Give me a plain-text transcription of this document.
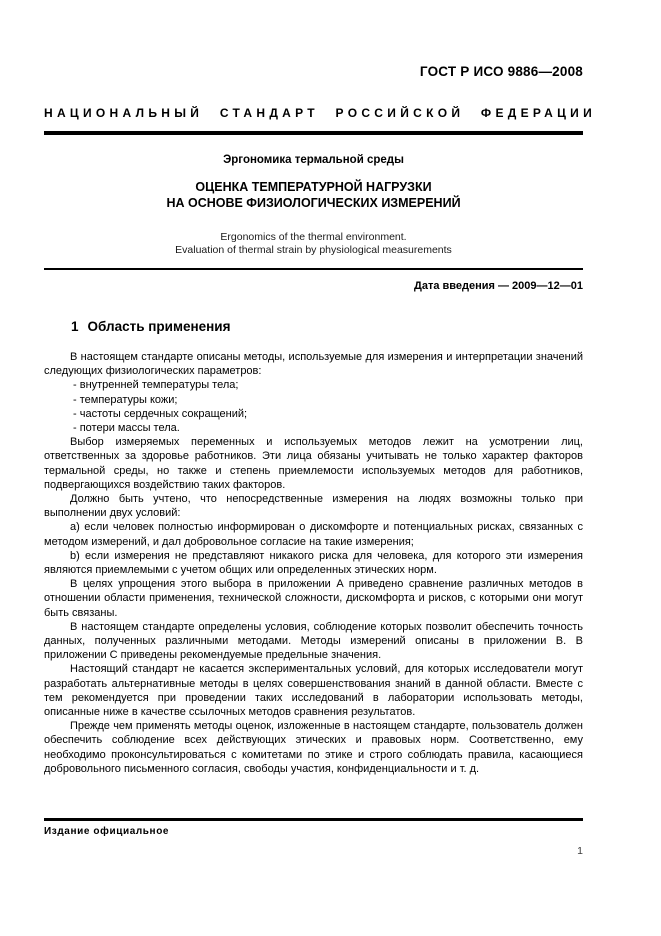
ГОСТ Р ИСО 9886—2008
НАЦИОНАЛЬНЫЙ СТАНДАРТ РОССИЙСКОЙ ФЕДЕРАЦИИ
Эргономика термальной среды
ОЦЕНКА ТЕМПЕРАТУРНОЙ НАГРУЗКИ
НА ОСНОВЕ ФИЗИОЛОГИЧЕСКИХ ИЗМЕРЕНИЙ
Ergonomics of the thermal environment.
Evaluation of thermal strain by physiological measurements
Дата введения — 2009—12—01
1 Область применения

В настоящем стандарте описаны методы, используемые для измерения и интерпретации значений следующих физиологических параметров:

- внутренней температуры тела;

- температуры кожи;

- частоты сердечных сокращений;

- потери массы тела.

Выбор измеряемых переменных и используемых методов лежит на усмотрении лиц, ответственных за здоровье работников. Эти лица обязаны учитывать не только характер факторов термальной среды, но также и степень приемлемости используемых методов для работников, подвергающихся воздействию таких факторов.

Должно быть учтено, что непосредственные измерения на людях возможны только при выполнении двух условий:

a) если человек полностью информирован о дискомфорте и потенциальных рисках, связанных с методом измерений, и дал добровольное согласие на такие измерения;

b) если измерения не представляют никакого риска для человека, для которого эти измерения являются приемлемыми с учетом общих или определенных этических норм.

В целях упрощения этого выбора в приложении A приведено сравнение различных методов в отношении области применения, технической сложности, дискомфорта и рисков, с которыми они могут быть связаны.

В настоящем стандарте определены условия, соблюдение которых позволит обеспечить точность данных, полученных различными методами. Методы измерений описаны в приложении B. В приложении C приведены рекомендуемые предельные значения.

Настоящий стандарт не касается экспериментальных условий, для которых исследователи могут разработать альтернативные методы в целях совершенствования знаний в данной области. Вместе с тем рекомендуется при проведении таких исследований в лаборатории использовать методы, описанные ниже в качестве ссылочных методов сравнения результатов.

Прежде чем применять методы оценок, изложенные в настоящем стандарте, пользователь должен обеспечить соблюдение всех действующих этических и правовых норм. Соответственно, ему необходимо проконсультироваться с комитетами по этике и строго соблюдать правила, касающиеся добровольного письменного согласия, свободы участия, конфиденциальности и т. д.

Издание официальное
1
